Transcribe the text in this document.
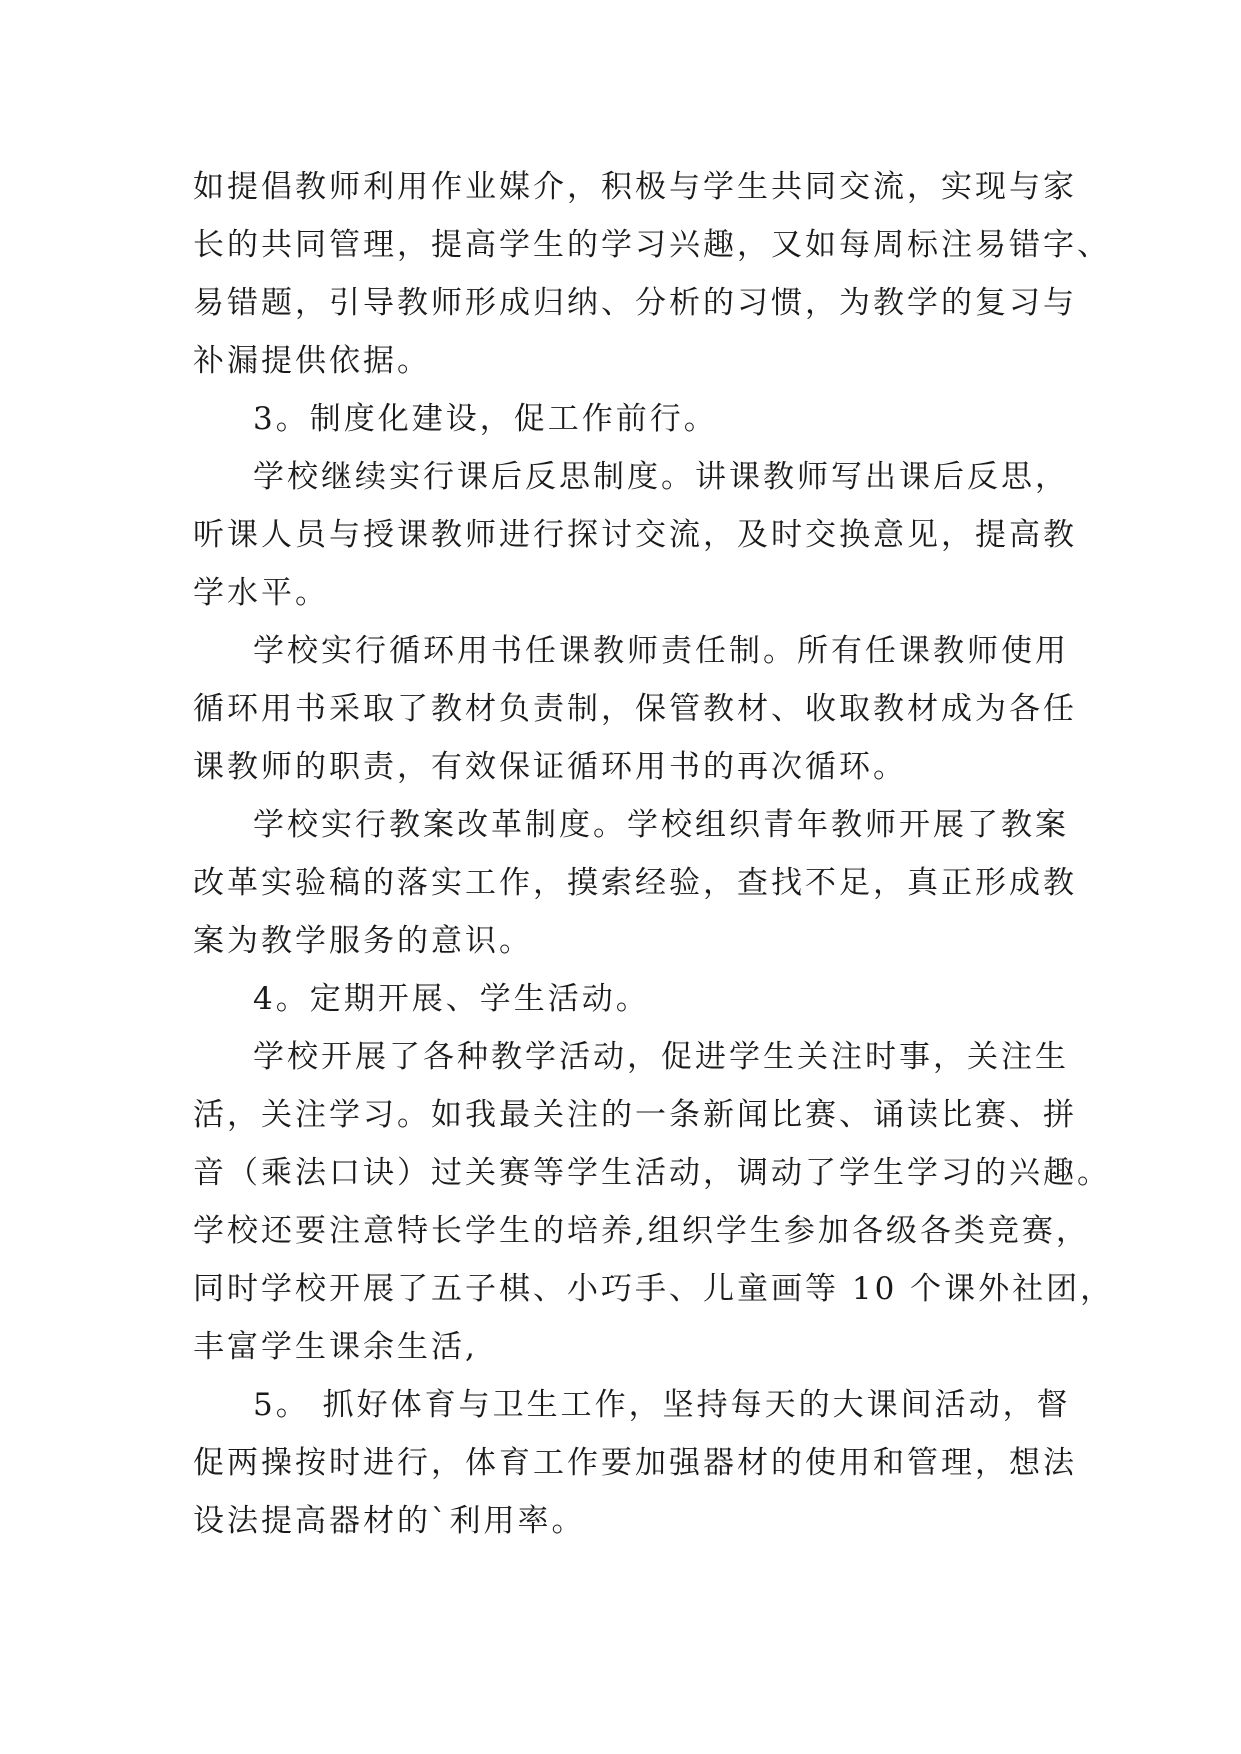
如提倡教师利用作业媒介，积极与学生共同交流，实现与家
长的共同管理，提高学生的学习兴趣，又如每周标注易错字、
易错题，引导教师形成归纳、分析的习惯，为教学的复习与
补漏提供依据。
3。制度化建设，促工作前行。
学校继续实行课后反思制度。讲课教师写出课后反思，
听课人员与授课教师进行探讨交流，及时交换意见，提高教
学水平。
学校实行循环用书任课教师责任制。所有任课教师使用
循环用书采取了教材负责制，保管教材、收取教材成为各任
课教师的职责，有效保证循环用书的再次循环。
学校实行教案改革制度。学校组织青年教师开展了教案
改革实验稿的落实工作，摸索经验，查找不足，真正形成教
案为教学服务的意识。
4。定期开展、学生活动。
学校开展了各种教学活动，促进学生关注时事，关注生
活，关注学习。如我最关注的一条新闻比赛、诵读比赛、拼
音（乘法口诀）过关赛等学生活动，调动了学生学习的兴趣。
学校还要注意特长学生的培养,组织学生参加各级各类竞赛，
同时学校开展了五子棋、小巧手、儿童画等 10 个课外社团，
丰富学生课余生活,
5。 抓好体育与卫生工作，坚持每天的大课间活动，督
促两操按时进行，体育工作要加强器材的使用和管理，想法
设法提高器材的`利用率。
